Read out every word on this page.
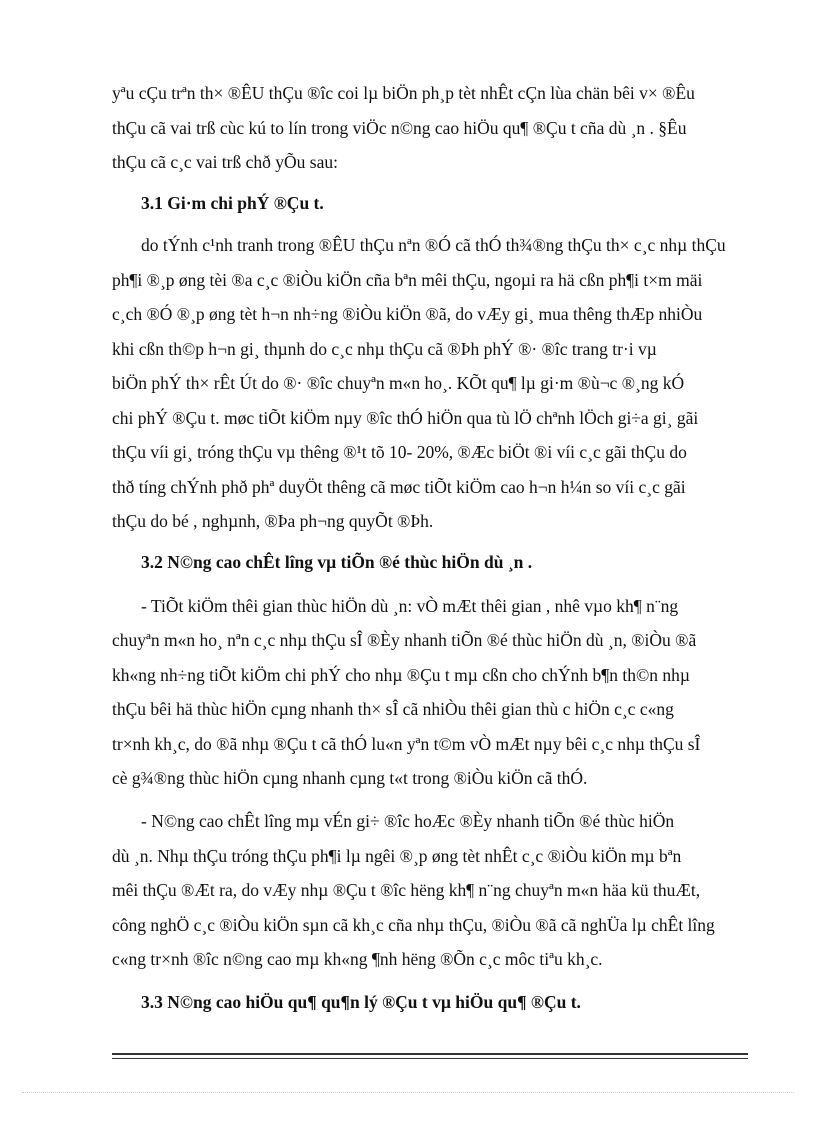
yªu cÇu trªn th× ®ÊU thÇu ®îc coi lµ biÖn ph¸p tèt nhÊt cÇn lùa chän bêi v× ®Êu
thÇu cã vai trß cùc kú to lín trong viÖc n©ng cao hiÖu qu¶ ®Çu t cña dù ¸n . §Êu
thÇu cã c¸c vai trß chð yÕu sau:
3.1 Gi·m chi phÝ ®Çu t.
do tÝnh c¹nh tranh trong ®ÊU thÇu nªn ®Ó cã thÓ th¾®ng thÇu th× c¸c nhµ thÇu
ph¶i ®¸p øng tèi ®a c¸c ®iÒu kiÖn cña bªn mêi thÇu, ngoµi ra hä cßn ph¶i t×m mäi
c¸ch ®Ó ®¸p øng tèt h¬n nh÷ng ®iÒu kiÖn ®ã, do vÆy gi¸ mua thêng thÆp nhiÒu
khi cßn th©p h¬n gi¸ thµnh do c¸c nhµ thÇu cã ®Þh phÝ ®· ®îc trang tr·i vµ
biÖn phÝ th× rÊt Út do ®· ®îc chuyªn m«n ho¸. KÕt qu¶ lµ gi·m ®ù¬c ®¸ng kÓ
chi phÝ ®Çu t. møc tiÕt kiÖm nµy ®îc thÓ hiÖn qua tù lÖ chªnh lÖch gi÷a gi¸ gãi
thÇu víi gi¸ tróng thÇu vµ thêng ®¹t tõ 10- 20%, ®Æc biÖt ®i víi c¸c gãi thÇu do
thð tíng chÝnh phð phª duyÖt thêng cã møc tiÕt kiÖm cao h¬n h¼n so víi c¸c gãi
thÇu do bé , nghµnh, ®Þa ph¬ng quyÕt ®Þh.
3.2 N©ng cao chÊt lîng vµ tiÕn ®é thùc hiÖn dù ¸n .
- TiÕt kiÖm thêi gian thùc hiÖn dù ¸n: vÒ mÆt thêi gian , nhê vµo kh¶ n¨ng
chuyªn m«n ho¸ nªn c¸c nhµ thÇu sÎ ®Èy nhanh tiÕn ®é thùc hiÖn dù ¸n, ®iÒu ®ã
kh«ng nh÷ng tiÕt kiÖm chi phÝ cho nhµ ®Çu t mµ cßn cho chÝnh b¶n th©n nhµ
thÇu bêi hä thùc hiÖn cµng nhanh th× sÎ cã nhiÒu thêi gian thù c hiÖn c¸c c«ng
tr×nh kh¸c, do ®ã nhµ ®Çu t cã thÓ lu«n yªn t©m vÒ mÆt nµy bêi c¸c nhµ thÇu sÎ
cè g¾®ng thùc hiÖn cµng nhanh cµng t«t trong ®iÒu kiÖn cã thÓ.
- N©ng cao chÊt lîng mµ vÉn gi÷ ®îc hoÆc ®Èy nhanh tiÕn ®é thùc hiÖn
dù ¸n. Nhµ thÇu tróng thÇu ph¶i lµ ngêi ®¸p øng tèt nhÊt c¸c ®iÒu kiÖn mµ bªn
mêi thÇu ®Æt ra, do vÆy nhµ ®Çu t ®îc hëng kh¶ n¨ng chuyªn m«n häa kü thuÆt,
công nghÖ c¸c ®iÒu kiÖn sµn cã kh¸c cña nhµ thÇu, ®iÒu ®ã cã nghÜa lµ chÊt lîng
c«ng tr×nh ®îc n©ng cao mµ kh«ng ¶nh hëng ®Õn c¸c môc tiªu kh¸c.
3.3 N©ng cao hiÖu qu¶ qu¶n lý ®Çu t vµ hiÖu qu¶ ®Çu t.
